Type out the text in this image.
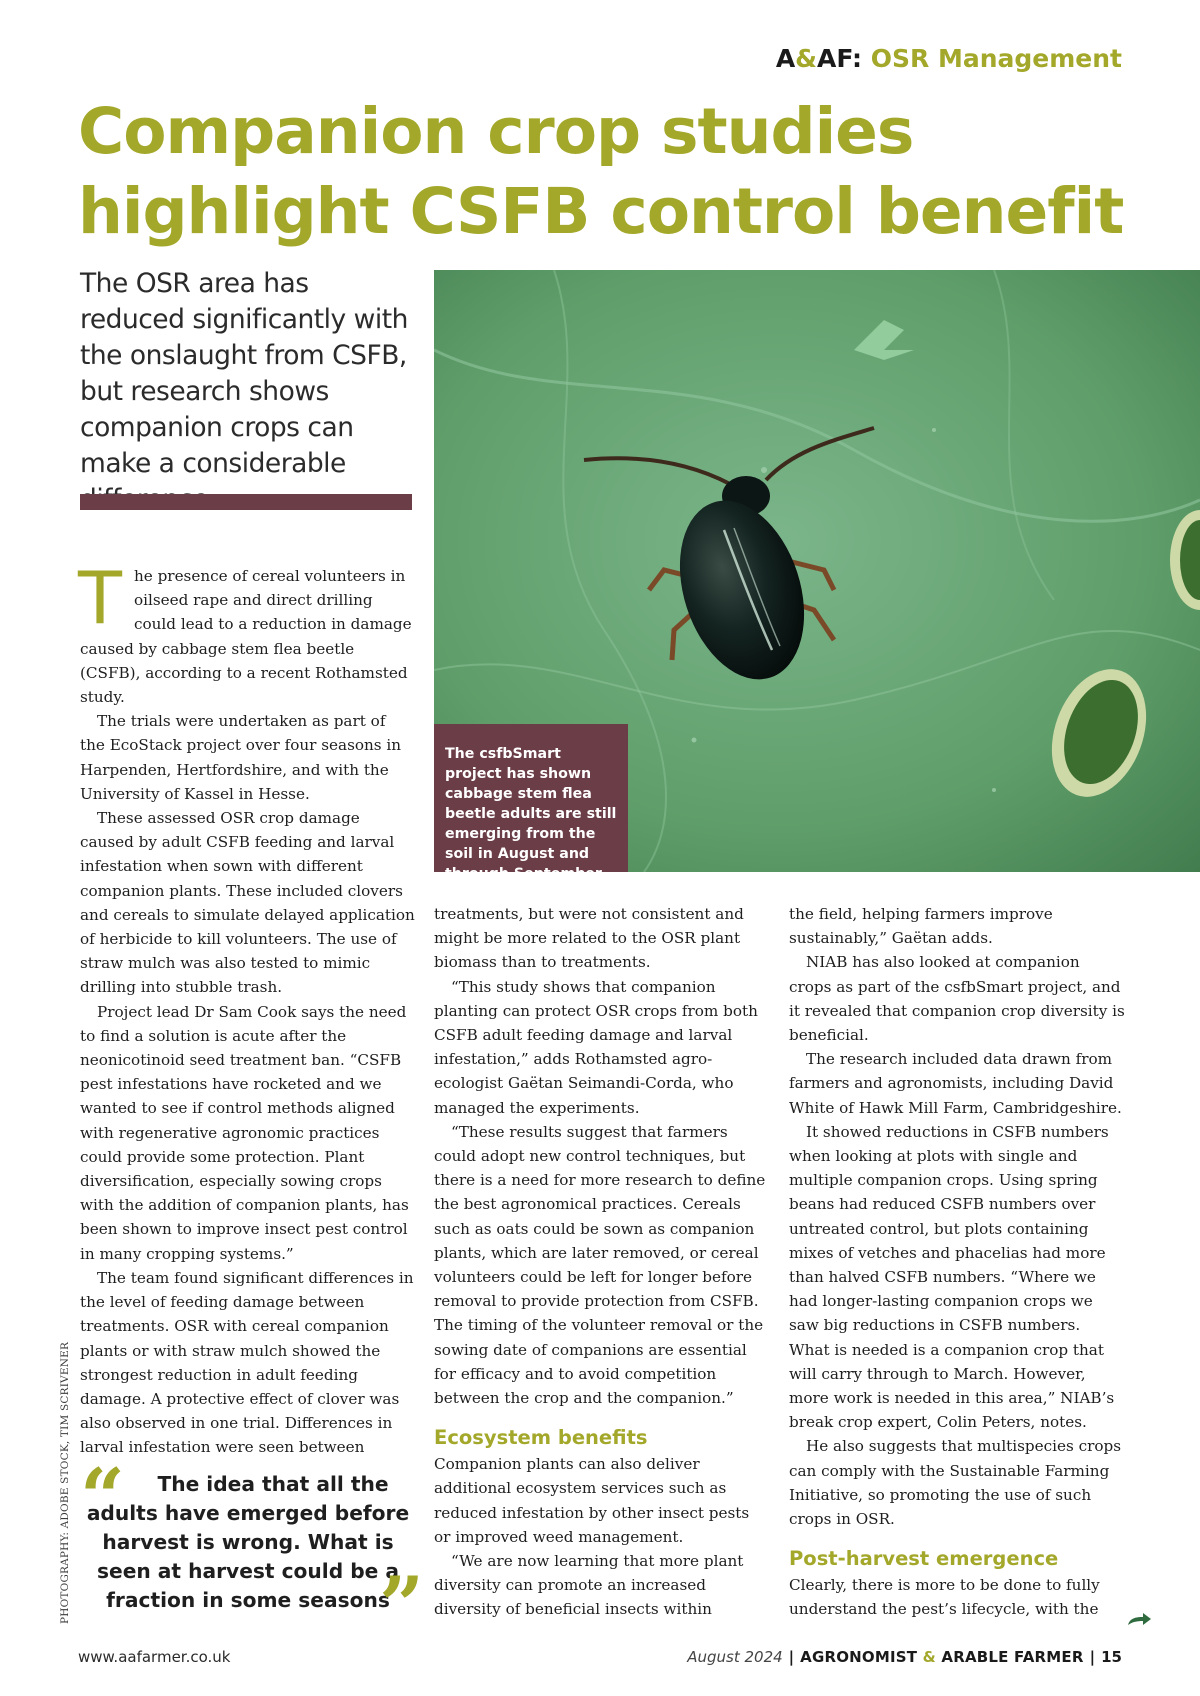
A&AF: OSR Management
Companion crop studies
highlight CSFB control benefit

The OSR area has reduced significantly with the onslaught from CSFB, but research shows companion crops can make a considerable

The csfbSmart project has shown cabbage stem flea beetle adults are still emerging from the soil in August and through September

The presence of cereal volunteers in oilseed rape and direct drilling could lead to a reduction in damage caused by cabbage stem flea beetle (CSFB), according to a recent Rothamsted study.

The trials were undertaken as part of the EcoStack project over four seasons in Harpenden, Hertfordshire, and with the University of Kassel in Hesse.

These assessed OSR crop damage caused by adult CSFB feeding and larval infestation when sown with different companion plants. These included clovers and cereals to simulate delayed application of herbicide to kill volunteers. The use of straw mulch was also tested to mimic drilling into stubble trash.

Project lead Dr Sam Cook says the need to find a solution is acute after the neonicotinoid seed treatment ban. “CSFB pest infestations have rocketed and we wanted to see if control methods aligned with regenerative agronomic practices could provide some protection. Plant diversification, especially sowing crops with the addition of companion plants, has been shown to improve insect pest control in many cropping systems.”

The team found significant differences in the level of feeding damage between treatments. OSR with cereal companion plants or with straw mulch showed the strongest reduction in adult feeding damage. A protective effect of clover was also observed in one trial. Differences in larval infestation were seen between

treatments, but were not consistent and might be more related to the OSR plant biomass than to treatments.

“This study shows that companion planting can protect OSR crops from both CSFB adult feeding damage and larval infestation,” adds Rothamsted agro-ecologist Gaëtan Seimandi-Corda, who managed the experiments.

“These results suggest that farmers could adopt new control techniques, but there is a need for more research to define the best agronomical practices. Cereals such as oats could be sown as companion plants, which are later removed, or cereal volunteers could be left for longer before removal to provide protection from CSFB. The timing of the volunteer removal or the sowing date of companions are essential for efficacy and to avoid competition between the crop and the companion.”

Ecosystem benefits

Companion plants can also deliver additional ecosystem services such as reduced infestation by other insect pests or improved weed management.

“We are now learning that more plant diversity can promote an increased diversity of beneficial insects within

the field, helping farmers improve sustainably,” Gaëtan adds.

NIAB has also looked at companion crops as part of the csfbSmart project, and it revealed that companion crop diversity is beneficial.

The research included data drawn from farmers and agronomists, including David White of Hawk Mill Farm, Cambridgeshire.

It showed reductions in CSFB numbers when looking at plots with single and multiple companion crops. Using spring beans had reduced CSFB numbers over untreated control, but plots containing mixes of vetches and phacelias had more than halved CSFB numbers. “Where we had longer-lasting companion crops we saw big reductions in CSFB numbers. What is needed is a companion crop that will carry through to March. However, more work is needed in this area,” NIAB’s break crop expert, Colin Peters, notes.

He also suggests that multispecies crops can comply with the Sustainable Farming Initiative, so promoting the use of such crops in OSR.

Post-harvest emergence

Clearly, there is more to be done to fully understand the pest’s lifecycle, with the

“	The idea that all the adults have emerged before harvest is wrong. What is seen at harvest could be a fraction in some seasons

”
PHOTOGRAPHY: ADOBE STOCK, TIM SCRIVENER
www.aafarmer.co.uk	August 2024 | AGRONOMIST & ARABLE FARMER | 15
